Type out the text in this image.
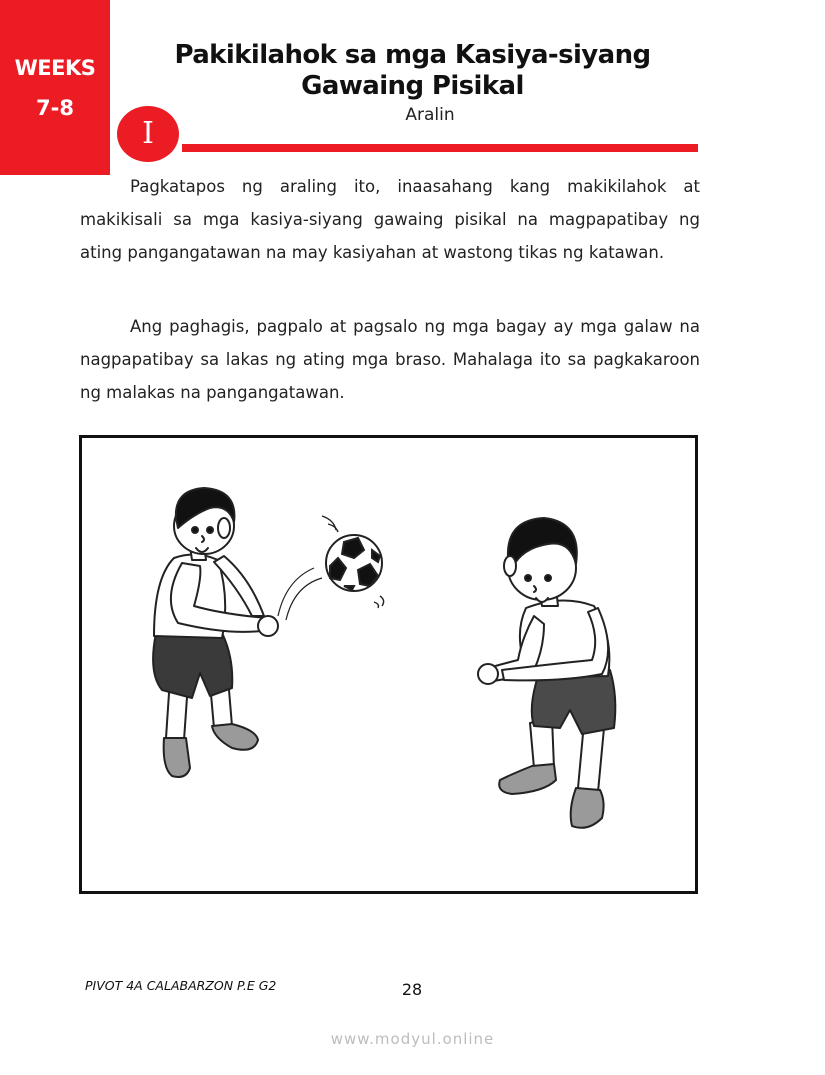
WEEKS
7-8
Pakikilahok sa mga Kasiya-siyang Gawaing Pisikal
Aralin
I

Pagkatapos ng araling ito, inaasahang kang makikilahok at makikisali sa mga kasiya-siyang gawaing pisikal na magpapatibay ng ating pangangatawan na may kasiyahan at wastong tikas ng katawan.

Ang paghagis, pagpalo at pagsalo ng mga bagay ay mga galaw na nagpapatibay sa lakas ng ating mga braso. Mahalaga ito sa pagkakaroon ng malakas na pangangatawan.

PIVOT 4A CALABARZON P.E G2	28
www.modyul.online
